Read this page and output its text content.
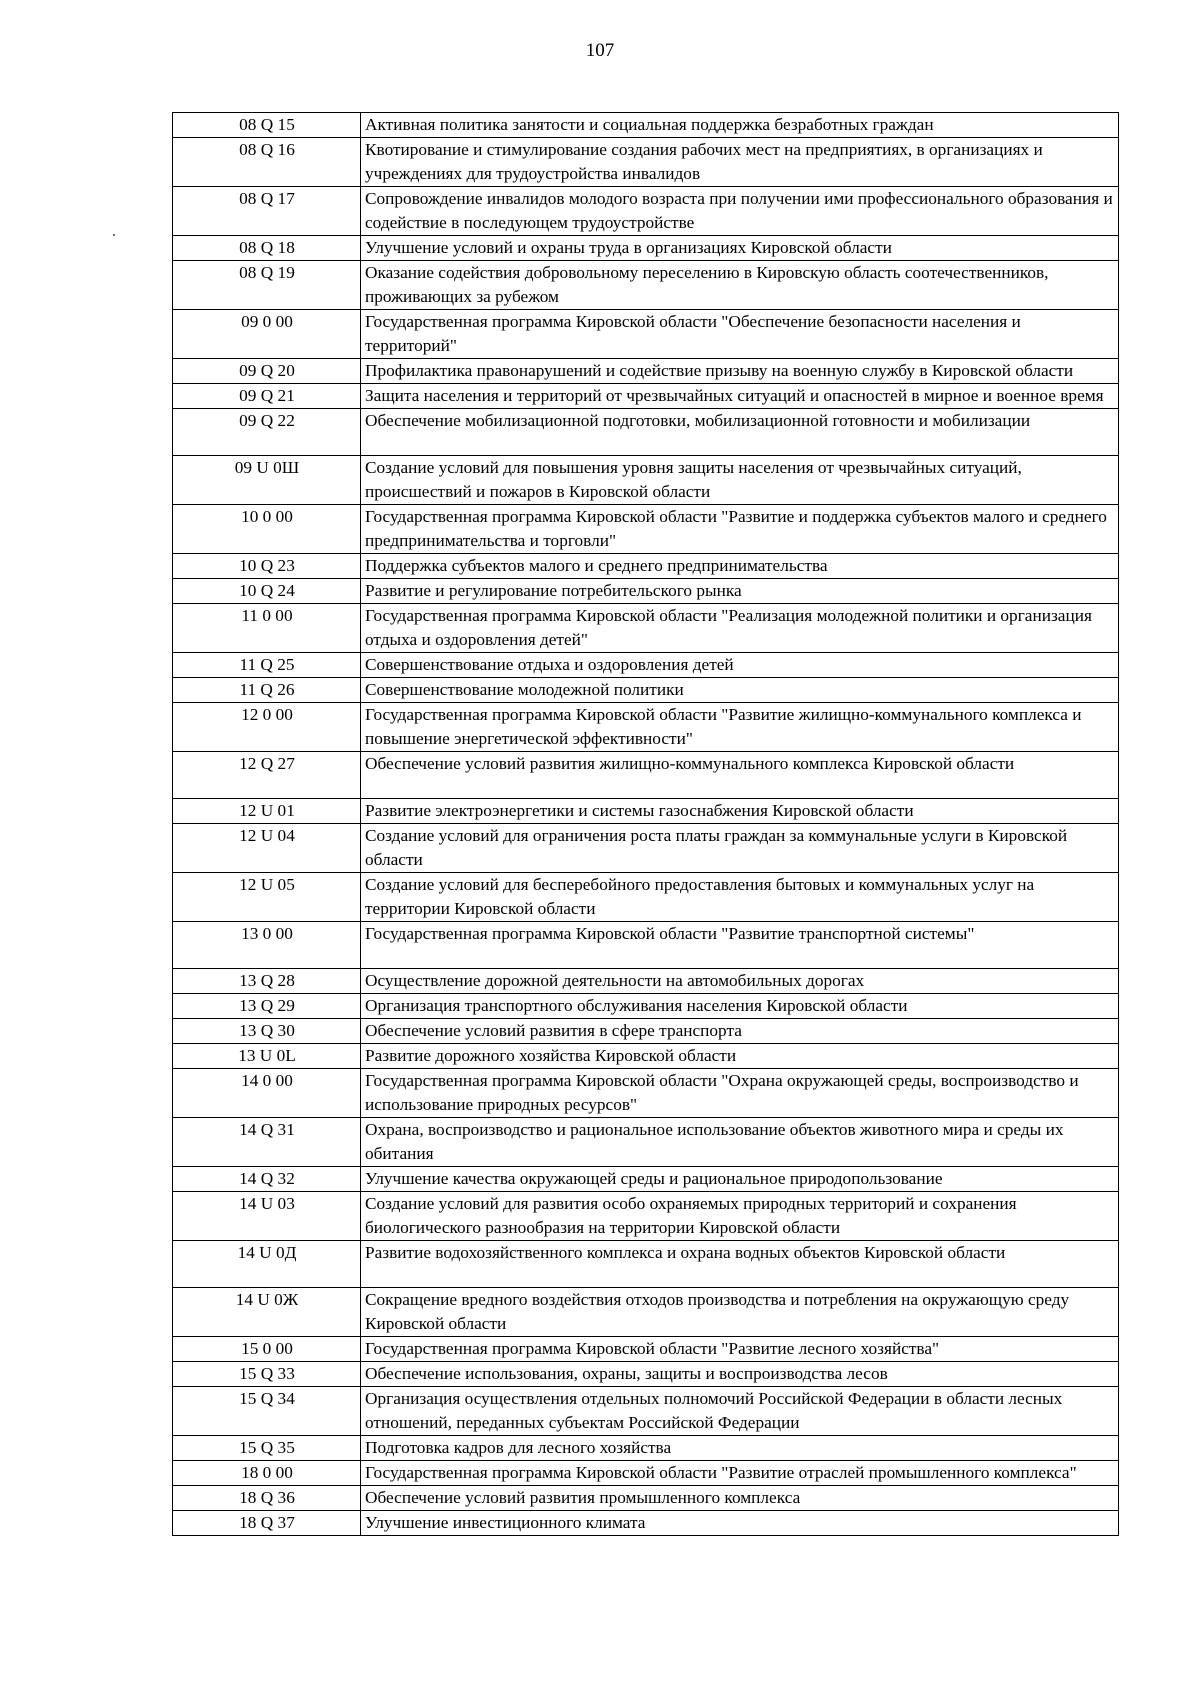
107
08 Q 15	Активная политика занятости и социальная поддержка безработных граждан
08 Q 16	Квотирование и стимулирование создания рабочих мест на предприятиях, в организациях и учреждениях для трудоустройства инвалидов
08 Q 17	Сопровождение инвалидов молодого возраста при получении ими профессионального образования и содействие в последующем трудоустройстве
08 Q 18	Улучшение условий и охраны труда в организациях Кировской области
08 Q 19	Оказание содействия добровольному переселению в Кировскую область соотечественников, проживающих за рубежом
09 0 00	Государственная программа Кировской области "Обеспечение безопасности населения и территорий"
09 Q 20	Профилактика правонарушений и содействие призыву на военную службу в Кировской области
09 Q 21	Защита населения и территорий от чрезвычайных ситуаций и опасностей в мирное и военное время
09 Q 22	Обеспечение мобилизационной подготовки, мобилизационной готовности и мобилизации
09 U 0Ш	Создание условий для повышения уровня защиты населения от чрезвычайных ситуаций, происшествий и пожаров в Кировской области
10 0 00	Государственная программа Кировской области "Развитие и поддержка субъектов малого и среднего предпринимательства и торговли"
10 Q 23	Поддержка субъектов малого и среднего предпринимательства
10 Q 24	Развитие и регулирование потребительского рынка
11 0 00	Государственная программа Кировской области "Реализация молодежной политики и организация отдыха и оздоровления детей"
11 Q 25	Совершенствование отдыха и оздоровления детей
11 Q 26	Совершенствование молодежной политики
12 0 00	Государственная программа Кировской области "Развитие жилищно-коммунального комплекса и повышение энергетической эффективности"
12 Q 27	Обеспечение условий развития жилищно-коммунального комплекса Кировской области
12 U 01	Развитие электроэнергетики и системы газоснабжения Кировской области
12 U 04	Создание условий для ограничения роста платы граждан за коммунальные услуги в Кировской области
12 U 05	Создание условий для бесперебойного предоставления бытовых и коммунальных услуг на территории Кировской области
13 0 00	Государственная программа Кировской области "Развитие транспортной системы"
13 Q 28	Осуществление дорожной деятельности на автомобильных дорогах
13 Q 29	Организация транспортного обслуживания населения Кировской области
13 Q 30	Обеспечение условий развития в сфере транспорта
13 U 0L	Развитие дорожного хозяйства Кировской области
14 0 00	Государственная программа Кировской области "Охрана окружающей среды, воспроизводство и использование природных ресурсов"
14 Q 31	Охрана, воспроизводство и рациональное использование объектов животного мира и среды их обитания
14 Q 32	Улучшение качества окружающей среды и рациональное природопользование
14 U 03	Создание условий для развития особо охраняемых природных территорий и сохранения биологического разнообразия на территории Кировской области
14 U 0Д	Развитие водохозяйственного комплекса и охрана водных объектов Кировской области
14 U 0Ж	Сокращение вредного воздействия отходов производства и потребления на окружающую среду Кировской области
15 0 00	Государственная программа Кировской области "Развитие лесного хозяйства"
15 Q 33	Обеспечение использования, охраны, защиты и воспроизводства лесов
15 Q 34	Организация осуществления отдельных полномочий Российской Федерации в области лесных отношений, переданных субъектам Российской Федерации
15 Q 35	Подготовка кадров для лесного хозяйства
18 0 00	Государственная программа Кировской области "Развитие отраслей промышленного комплекса"
18 Q 36	Обеспечение условий развития промышленного комплекса
18 Q 37	Улучшение инвестиционного климата
